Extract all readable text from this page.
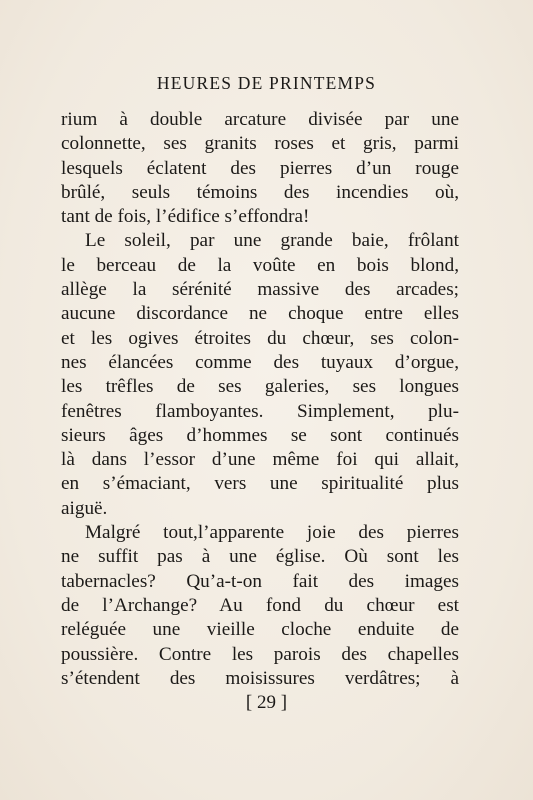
HEURES DE PRINTEMPS
rium à double arcature divisée par une
colonnette, ses granits roses et gris, parmi
lesquels éclatent des pierres d’un rouge
brûlé, seuls témoins des incendies où,
tant de fois, l’édifice s’effondra!
Le soleil, par une grande baie, frôlant
le berceau de la voûte en bois blond,
allège la sérénité massive des arcades;
aucune discordance ne choque entre elles
et les ogives étroites du chœur, ses colon-
nes élancées comme des tuyaux d’orgue,
les trêfles de ses galeries, ses longues
fenêtres flamboyantes. Simplement, plu-
sieurs âges d’hommes se sont continués
là dans l’essor d’une même foi qui allait,
en s’émaciant, vers une spiritualité plus
aiguë.
Malgré tout,l’apparente joie des pierres
ne suffit pas à une église. Où sont les
tabernacles? Qu’a-t-on fait des images
de l’Archange? Au fond du chœur est
reléguée une vieille cloche enduite de
poussière. Contre les parois des chapelles
s’étendent des moisissures verdâtres; à
[ 29 ]
